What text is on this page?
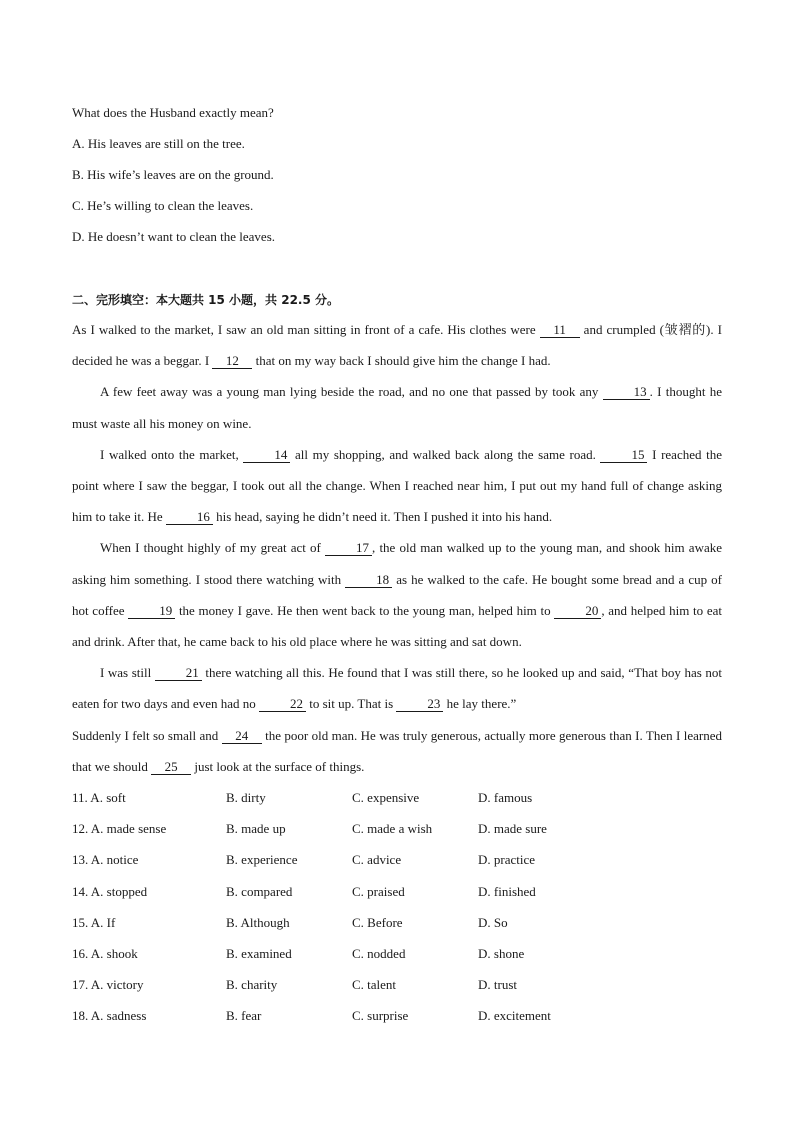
What does the Husband exactly mean?
A. His leaves are still on the tree.
B. His wife’s leaves are on the ground.
C. He’s willing to clean the leaves.
D. He doesn’t want to clean the leaves.
二、完形填空：本大题共 15 小题，共 22.5 分。

As I walked to the market, I saw an old man sitting in front of a cafe. His clothes were 11 and crumpled (皱褶的). I decided he was a beggar. I 12 that on my way back I should give him the change I had.

A few feet away was a young man lying beside the road, and no one that passed by took any 13 . I thought he must waste all his money on wine.

I walked onto the market, 14 all my shopping, and walked back along the same road. 15 I reached the point where I saw the beggar, I took out all the change. When I reached near him, I put out my hand full of change asking him to take it. He 16 his head, saying he didn’t need it. Then I pushed it into his hand.

When I thought highly of my great act of 17 , the old man walked up to the young man, and shook him awake asking him something. I stood there watching with 18 as he walked to the cafe. He bought some bread and a cup of hot coffee 19 the money I gave. He then went back to the young man, helped him to 20 , and helped him to eat and drink. After that, he came back to his old place where he was sitting and sat down.

I was still 21 there watching all this. He found that I was still there, so he looked up and said, “That boy has not eaten for two days and even had no 22 to sit up. That is 23 he lay there.”

Suddenly I felt so small and 24 the poor old man. He was truly generous, actually more generous than I. Then I learned that we should 25 just look at the surface of things.

11. A. soft	B. dirty	C. expensive	D. famous
12. A. made sense	B. made up	C. made a wish	D. made sure
13. A. notice	B. experience	C. advice	D. practice
14. A. stopped	B. compared	C. praised	D. finished
15. A. If	B. Although	C. Before	D. So
16. A. shook	B. examined	C. nodded	D. shone
17. A. victory	B. charity	C. talent	D. trust
18. A. sadness	B. fear	C. surprise	D. excitement
